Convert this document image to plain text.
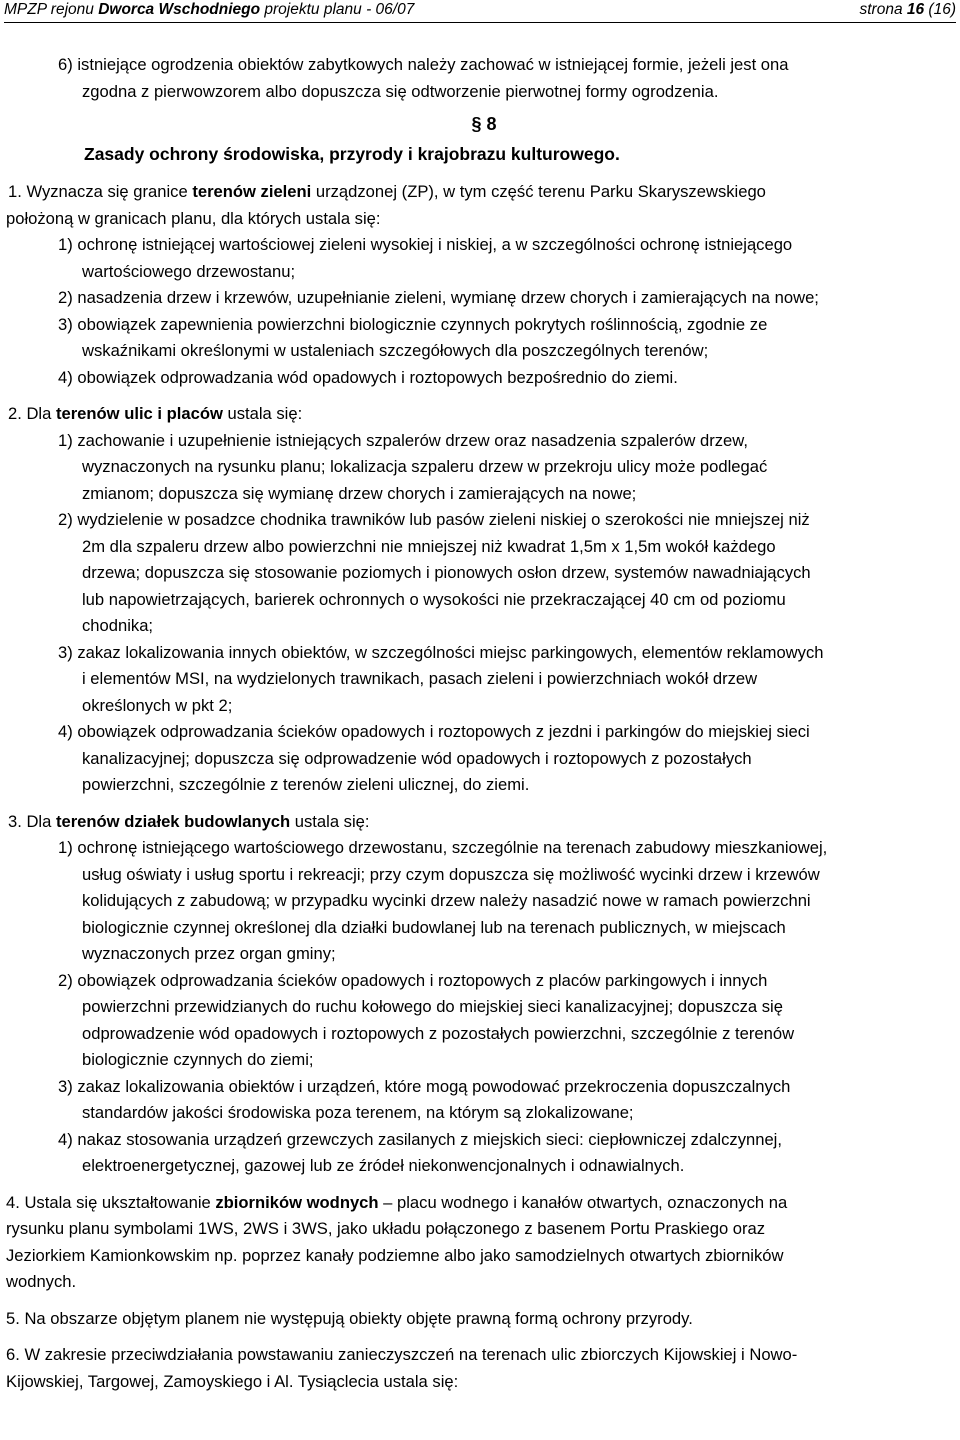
MPZP rejonu Dworca Wschodniego projektu planu - 06/07	strona 16 (16)
6) istniejące ogrodzenia obiektów zabytkowych należy zachować w istniejącej formie, jeżeli jest ona
zgodna z pierwowzorem albo dopuszcza się odtworzenie pierwotnej formy ogrodzenia.
§ 8
Zasady ochrony środowiska, przyrody i krajobrazu kulturowego.
1. Wyznacza się granice terenów zieleni urządzonej (ZP), w tym część terenu Parku Skaryszewskiego
położoną w granicach planu, dla których ustala się:
1) ochronę istniejącej wartościowej zieleni wysokiej i niskiej, a w szczególności ochronę istniejącego
wartościowego drzewostanu;
2) nasadzenia drzew i krzewów, uzupełnianie zieleni, wymianę drzew chorych i zamierających na nowe;
3) obowiązek zapewnienia powierzchni biologicznie czynnych pokrytych roślinnością, zgodnie ze
wskaźnikami określonymi w ustaleniach szczegółowych dla poszczególnych terenów;
4) obowiązek odprowadzania wód opadowych i roztopowych bezpośrednio do ziemi.
2. Dla terenów ulic i placów ustala się:
1) zachowanie i uzupełnienie istniejących szpalerów drzew oraz nasadzenia szpalerów drzew,
wyznaczonych na rysunku planu; lokalizacja szpaleru drzew w przekroju ulicy może podlegać
zmianom; dopuszcza się wymianę drzew chorych i zamierających na nowe;
2) wydzielenie w posadzce chodnika trawników lub pasów zieleni niskiej o szerokości nie mniejszej niż
2m dla szpaleru drzew albo powierzchni nie mniejszej niż kwadrat 1,5m x 1,5m wokół każdego
drzewa; dopuszcza się stosowanie poziomych i pionowych osłon drzew, systemów nawadniających
lub napowietrzających, barierek ochronnych o wysokości nie przekraczającej 40 cm od poziomu
chodnika;
3) zakaz lokalizowania innych obiektów, w szczególności miejsc parkingowych, elementów reklamowych
i elementów MSI, na wydzielonych trawnikach, pasach zieleni i powierzchniach wokół drzew
określonych w pkt 2;
4) obowiązek odprowadzania ścieków opadowych i roztopowych z jezdni i parkingów do miejskiej sieci
kanalizacyjnej; dopuszcza się odprowadzenie wód opadowych i roztopowych z pozostałych
powierzchni, szczególnie z terenów zieleni ulicznej, do ziemi.
3. Dla terenów działek budowlanych ustala się:
1) ochronę istniejącego wartościowego drzewostanu, szczególnie na terenach zabudowy mieszkaniowej,
usług oświaty i usług sportu i rekreacji; przy czym dopuszcza się możliwość wycinki drzew i krzewów
kolidujących z zabudową; w przypadku wycinki drzew należy nasadzić nowe w ramach powierzchni
biologicznie czynnej określonej dla działki budowlanej lub na terenach publicznych, w miejscach
wyznaczonych przez organ gminy;
2) obowiązek odprowadzania ścieków opadowych i roztopowych z placów parkingowych i innych
powierzchni przewidzianych do ruchu kołowego do miejskiej sieci kanalizacyjnej; dopuszcza się
odprowadzenie wód opadowych i roztopowych z pozostałych powierzchni, szczególnie z terenów
biologicznie czynnych do ziemi;
3) zakaz lokalizowania obiektów i urządzeń, które mogą powodować przekroczenia dopuszczalnych
standardów jakości środowiska poza terenem, na którym są zlokalizowane;
4) nakaz stosowania urządzeń grzewczych zasilanych z miejskich sieci: ciepłowniczej zdalczynnej,
elektroenergetycznej, gazowej lub ze źródeł niekonwencjonalnych i odnawialnych.
4. Ustala się ukształtowanie zbiorników wodnych – placu wodnego i kanałów otwartych, oznaczonych na
rysunku planu symbolami 1WS, 2WS i 3WS, jako układu połączonego z basenem Portu Praskiego oraz
Jeziorkiem Kamionkowskim np. poprzez kanały podziemne albo jako samodzielnych otwartych zbiorników
wodnych.
5. Na obszarze objętym planem nie występują obiekty objęte prawną formą ochrony przyrody.
6. W zakresie przeciwdziałania powstawaniu zanieczyszczeń na terenach ulic zbiorczych Kijowskiej i Nowo-
Kijowskiej, Targowej, Zamoyskiego i Al. Tysiąclecia ustala się:
